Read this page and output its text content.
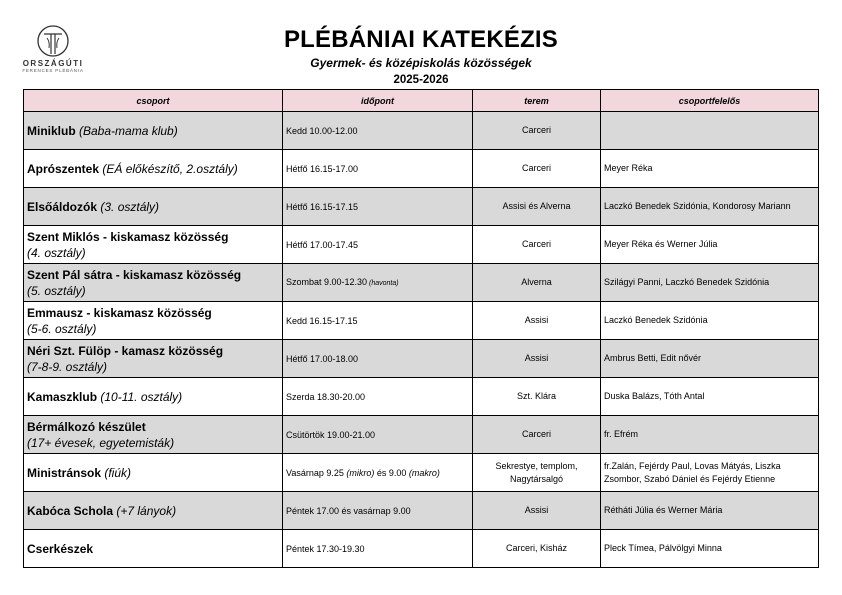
ORSZÁGÚTI
FERENCES PLÉBÁNIA
PLÉBÁNIAI KATEKÉZIS
Gyermek- és középiskolás közösségek
2025-2026
csoport	időpont	terem	csoportfelelős
Miniklub (Baba-mama klub)	Kedd 10.00-12.00	Carceri	
Aprószentek (EÁ előkészítő, 2.osztály)	Hétfő 16.15-17.00	Carceri	Meyer Réka
Elsőáldozók (3. osztály)	Hétfő 16.15-17.15	Assisi és Alverna	Laczkó Benedek Szidónia, Kondorosy Mariann
Szent Miklós - kiskamasz közösség
(4. osztály)	Hétfő 17.00-17.45	Carceri	Meyer Réka és Werner Júlia
Szent Pál sátra - kiskamasz közösség
(5. osztály)	Szombat 9.00-12.30 (havonta)	Alverna	Szilágyi Panni, Laczkó Benedek Szidónia
Emmausz - kiskamasz közösség
(5-6. osztály)	Kedd 16.15-17.15	Assisi	Laczkó Benedek Szidónia
Néri Szt. Fülöp - kamasz közösség
(7-8-9. osztály)	Hétfő 17.00-18.00	Assisi	Ambrus Betti, Edit nővér
Kamaszklub (10-11. osztály)	Szerda 18.30-20.00	Szt. Klára	Duska Balázs, Tóth Antal
Bérmálkozó készület
(17+ évesek, egyetemisták)	Csütörtök 19.00-21.00	Carceri	fr. Efrém
Ministránsok (fiúk)	Vasárnap 9.25 (mikro) és 9.00 (makro)	Sekrestye, templom, Nagytársalgó	fr.Zalán, Fejérdy Paul, Lovas Mátyás, Liszka Zsombor, Szabó Dániel és Fejérdy Etienne
Kabóca Schola (+7 lányok)	Péntek 17.00 és vasárnap 9.00	Assisi	Rétháti Júlia és Werner Mária
Cserkészek	Péntek 17.30-19.30	Carceri, Kisház	Pleck Tímea, Pálvölgyi Minna
